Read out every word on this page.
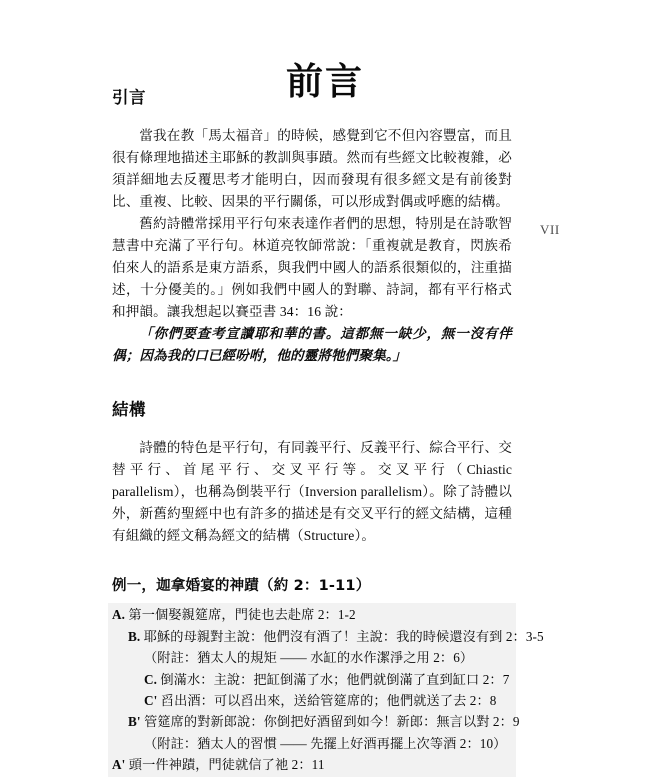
前言
VII
引言

當我在教「馬太福音」的時候，感覺到它不但內容豐富，而且很有條理地描述主耶穌的教訓與事蹟。然而有些經文比較複雜，必須詳細地去反覆思考才能明白，因而發現有很多經文是有前後對比、重複、比較、因果的平行關係，可以形成對偶或呼應的結構。

舊約詩體常採用平行句來表達作者們的思想，特別是在詩歌智慧書中充滿了平行句。林道亮牧師常說：「重複就是教育，閃族希伯來人的語系是東方語系，與我們中國人的語系很類似的，注重描述，十分優美的。」例如我們中國人的對聯、詩詞，都有平行格式和押韻。讓我想起以賽亞書 34：16 說：

「你們要查考宣讀耶和華的書。這都無一缺少，無一沒有伴偶；因為我的口已經吩咐，他的靈將牠們聚集。」

結構

詩體的特色是平行句，有同義平行、反義平行、綜合平行、交替平行、首尾平行、交叉平行等。交叉平行（Chiastic parallelism），也稱為倒裝平行（Inversion parallelism）。除了詩體以外，新舊約聖經中也有許多的描述是有交叉平行的經文結構，這種有組織的經文稱為經文的結構（Structure）。

例一，迦拿婚宴的神蹟（約 2：1-11）
A. 第一個娶親筵席，門徒也去赴席 2：1-2
B. 耶穌的母親對主說：他們沒有酒了！主說：我的時候還沒有到 2：3-5
（附註：猶太人的規矩 —— 水缸的水作潔淨之用 2：6）
C. 倒滿水：主說：把缸倒滿了水；他們就倒滿了直到缸口 2：7
C' 舀出酒：可以舀出來，送給管筵席的；他們就送了去 2：8
B' 管筵席的對新郎說：你倒把好酒留到如今！新郎：無言以對 2：9
（附註：猶太人的習慣 —— 先擺上好酒再擺上次等酒 2：10）
A' 頭一件神蹟，門徒就信了祂 2：11
